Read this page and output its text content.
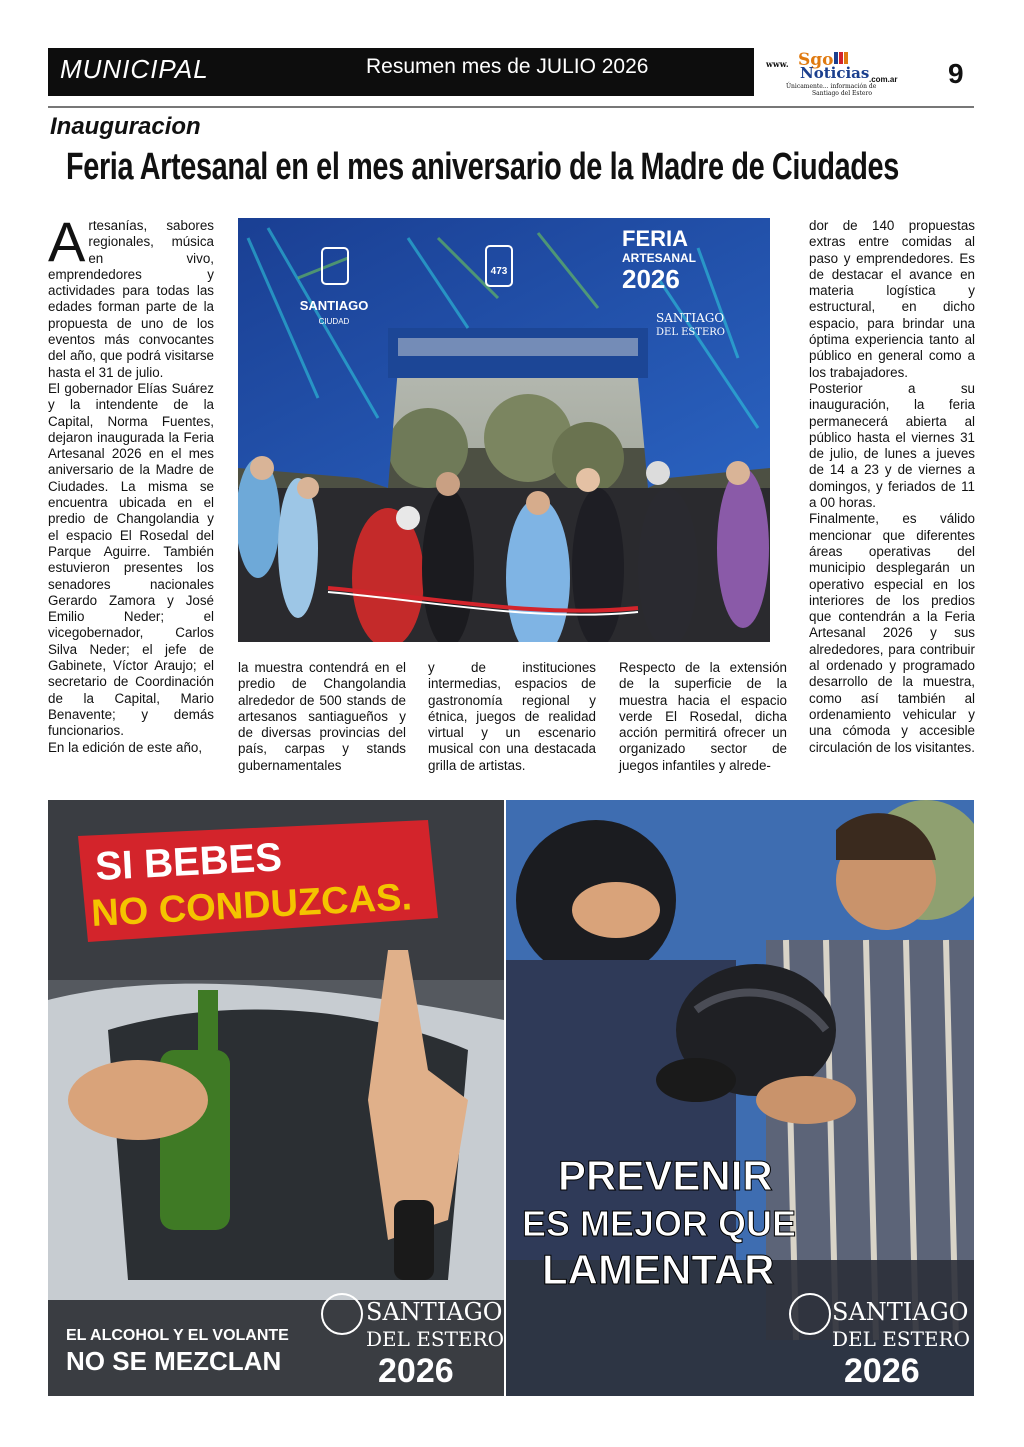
MUNICIPAL	Resumen mes de JULIO 2026	www. Sgo
Noticias .com.ar
Únicamente... información de
Santiago del Estero
9
Inauguracion
Feria Artesanal en el mes aniversario de la Madre de Ciudades

Artesanías, sabores regionales, música en vivo, emprendedores y actividades para todas las edades forman parte de la propuesta de uno de los eventos más convocantes del año, que podrá visitarse hasta el 31 de julio.

El gobernador Elías Suárez y la intendente de la Capital, Norma Fuentes, dejaron inaugurada la Feria Artesanal 2026 en el mes aniversario de la Madre de Ciudades. La misma se encuentra ubicada en el predio de Changolandia y el espacio El Rosedal del Parque Aguirre. También estuvieron presentes los senadores nacionales Gerardo Zamora y José Emilio Neder; el vicegobernador, Carlos Silva Neder; el jefe de Gabinete, Víctor Araujo; el secretario de Coordinación de la Capital, Mario Benavente; y demás funcionarios.

En la edición de este año,

473
SANTIAGO
CIUDAD
FERIA
ARTESANAL
2026
SANTIAGO
DEL ESTERO
la muestra contendrá en el predio de Changolandia alrededor de 500 stands de artesanos santiagueños y de diversas provincias del país, carpas y stands gubernamentales
y de instituciones intermedias, espacios de gastronomía regional y étnica, juegos de realidad virtual y un escenario musical con una destacada grilla de artistas.
Respecto de la extensión de la superficie de la muestra hacia el espacio verde El Rosedal, dicha acción permitirá ofrecer un organizado sector de juegos infantiles y alrede-

dor de 140 propuestas extras entre comidas al paso y emprendedores. Es de destacar el avance en materia logística y estructural, en dicho espacio, para brindar una óptima experiencia tanto al público en general como a los trabajadores.

Posterior a su inauguración, la feria permanecerá abierta al público hasta el viernes 31 de julio, de lunes a jueves de 14 a 23 y de viernes a domingos, y feriados de 11 a 00 horas.

Finalmente, es válido mencionar que diferentes áreas operativas del municipio desplegarán un operativo especial en los interiores de los predios que contendrán a la Feria Artesanal 2026 y sus alrededores, para contribuir al ordenado y programado desarrollo de la muestra, como así también al ordenamiento vehicular y una cómoda y accesible circulación de los visitantes.

SI BEBES
NO CONDUZCAS.
EL ALCOHOL Y EL VOLANTE
NO SE MEZCLAN
SANTIAGO
DEL ESTERO
2026
PREVENIR
ES MEJOR QUE
LAMENTAR
SANTIAGO
DEL ESTERO
2026
